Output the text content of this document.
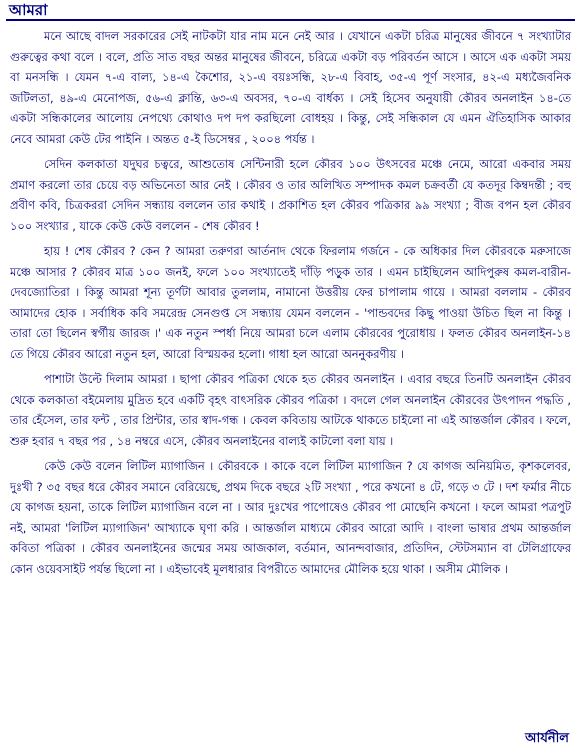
আমরা

মনে আছে বাদল সরকারের সেই নাটকটা যার নাম মনে নেই আর । যেখানে একটা চরিত্র মানুষের জীবনে ৭ সংখ্যাটার গুরুত্বের কথা বলে । বলে, প্রতি সাত বছর অন্তর মানুষের জীবনে, চরিত্রে একটা বড় পরিবর্তন আসে । আসে এক একটা সময় বা মনসন্ধি । যেমন ৭-এ বাল্য, ১৪-এ কৈশোর, ২১-এ বয়ঃসন্ধি, ২৮-এ বিবাহ, ৩৫-এ পূর্ণ সংসার, ৪২-এ মধ্যজৈবনিক জটিলতা, ৪৯-এ মেনোপজ, ৫৬-এ ক্লান্তি, ৬৩-এ অবসর, ৭০-এ বার্ধক্য । সেই হিসেব অনুযায়ী কৌরব অনলাইন ১৪-তে একটা সন্ধিকালের আলোয় নেপথ্যে কোথাও দপ দপ করছিলো বোধহয় । কিন্তু, সেই সন্ধিকাল যে এমন ঐতিহাসিক আকার নেবে আমরা কেউ টের পাইনি । অন্তত ৫-ই ডিসেম্বর , ২০০৪ পর্যন্ত ।

সেদিন কলকাতা যদুঘর চত্বরে, আশুতোষ সেন্টিনারী হলে কৌরব ১০০ উৎসবের মঞ্চে নেমে, আরো একবার সময় প্রমাণ করলো তার চেয়ে বড় অভিনেতা আর নেই । কৌরব ও তার অলিখিত সম্পাদক কমল চক্রবর্তী যে কতদূর কিম্বদন্তী ; বহু প্রবীণ কবি, চিত্রকররা সেদিন সন্ধ্যায় বললেন তার কথাই । প্রকাশিত হল কৌরব পত্রিকার ৯৯ সংখ্যা ; বীজ বপন হল কৌরব ১০০ সংখ্যার , যাকে কেউ কেউ বললেন - শেষ কৌরব !

হায় ! শেষ কৌরব ? কেন ? আমরা তরুণরা আর্তনাদ থেকে ফিরলাম গর্জনে - কে অধিকার দিল কৌরবকে মরুসাজে মঞ্চে আসার ? কৌরব মাত্র ১০০ জনই, ফলে ১০০ সংখ্যাতেই দাঁড়ি পড়ুক তার । এমন চাইছিলেন আদিপুরুষ কমল-বারীন-দেবজ্যোতিরা । কিন্তু আমরা শূন্য তূর্ণটা আবার তুললাম, নামানো উত্তরীয় ফের চাপালাম গায়ে । আমরা বললাম - কৌরব আমাদের হোক । সর্বাধিক কবি সমরেন্দ্র সেনগুপ্ত সে সন্ধ্যায় যেমন বললেন - 'পান্ডবদের কিছু পাওয়া উচিত ছিল না কিন্তু । তারা তো ছিলেন স্বর্গীয় জারজ ।' এক নতুন স্পর্ধা নিয়ে আমরা চলে এলাম কৌরবের পুরোধায় । ফলত কৌরব অনলাইন-১৪ তে গিয়ে কৌরব আরো নতুন হল, আরো বিস্ময়কর হলো। গাধা হল আরো অননুকরণীয় ।

পাশাটা উল্টে দিলাম আমরা । ছাপা কৌরব পত্রিকা থেকে হত কৌরব অনলাইন । এবার বছরে তিনটি অনলাইন কৌরব থেকে কলকাতা বইমেলায় মুদ্রিত হবে একটি বৃহৎ বাৎসরিক কৌরব পত্রিকা । বদলে গেল অনলাইন কৌরবের উৎপাদন পদ্ধতি , তার হেঁসেল, তার ফন্ট , তার প্রিন্টার, তার স্বাদ-গন্ধ । কেবল কবিতায় আটকে থাকতে চাইলো না এই আন্তর্জাল কৌরব । ফলে, শুরু হবার ৭ বছর পর , ১৪ নম্বরে এসে, কৌরব অনলাইনের বাল্যই কাটলো বলা যায় ।

কেউ কেউ বলেন লিটিল ম্যাগাজিন । কৌরবকে । কাকে বলে লিটিল ম্যাগাজিন ? যে কাগজ অনিয়মিত, কৃশকলেবর, দুঃখী ? ৩৫ বছর ধরে কৌরব সমানে বেরিয়েছে, প্রথম দিকে বছরে ২টি সংখ্যা , পরে কখনো ৪ টে, গড়ে ৩ টে । দশ ফর্মার নীচে যে কাগজ হয়না, তাকে লিটিল ম্যাগাজিন বলে না । আর দুঃখের পাপোষেও কৌরব পা মোছেনি কখনো । ফলে আমরা পত্রপুট নই, আমরা 'লিটিল ম্যাগাজিন' আখ্যাকে ঘৃণা করি । আন্তর্জাল মাধ্যমে কৌরব আরো আদি । বাংলা ভাষার প্রথম আন্তর্জাল কবিতা পত্রিকা । কৌরব অনলাইনের জন্মের সময় আজকাল, বর্তমান, আনন্দবাজার, প্রতিদিন, স্টেটসম্যান বা টেলিগ্রাফের কোন ওয়েবসাইট পর্যন্ত ছিলো না । এইভাবেই মূলধারার বিপরীতে আমাদের মৌলিক হয়ে থাকা । অসীম মৌলিক ।

আর্যনীল
